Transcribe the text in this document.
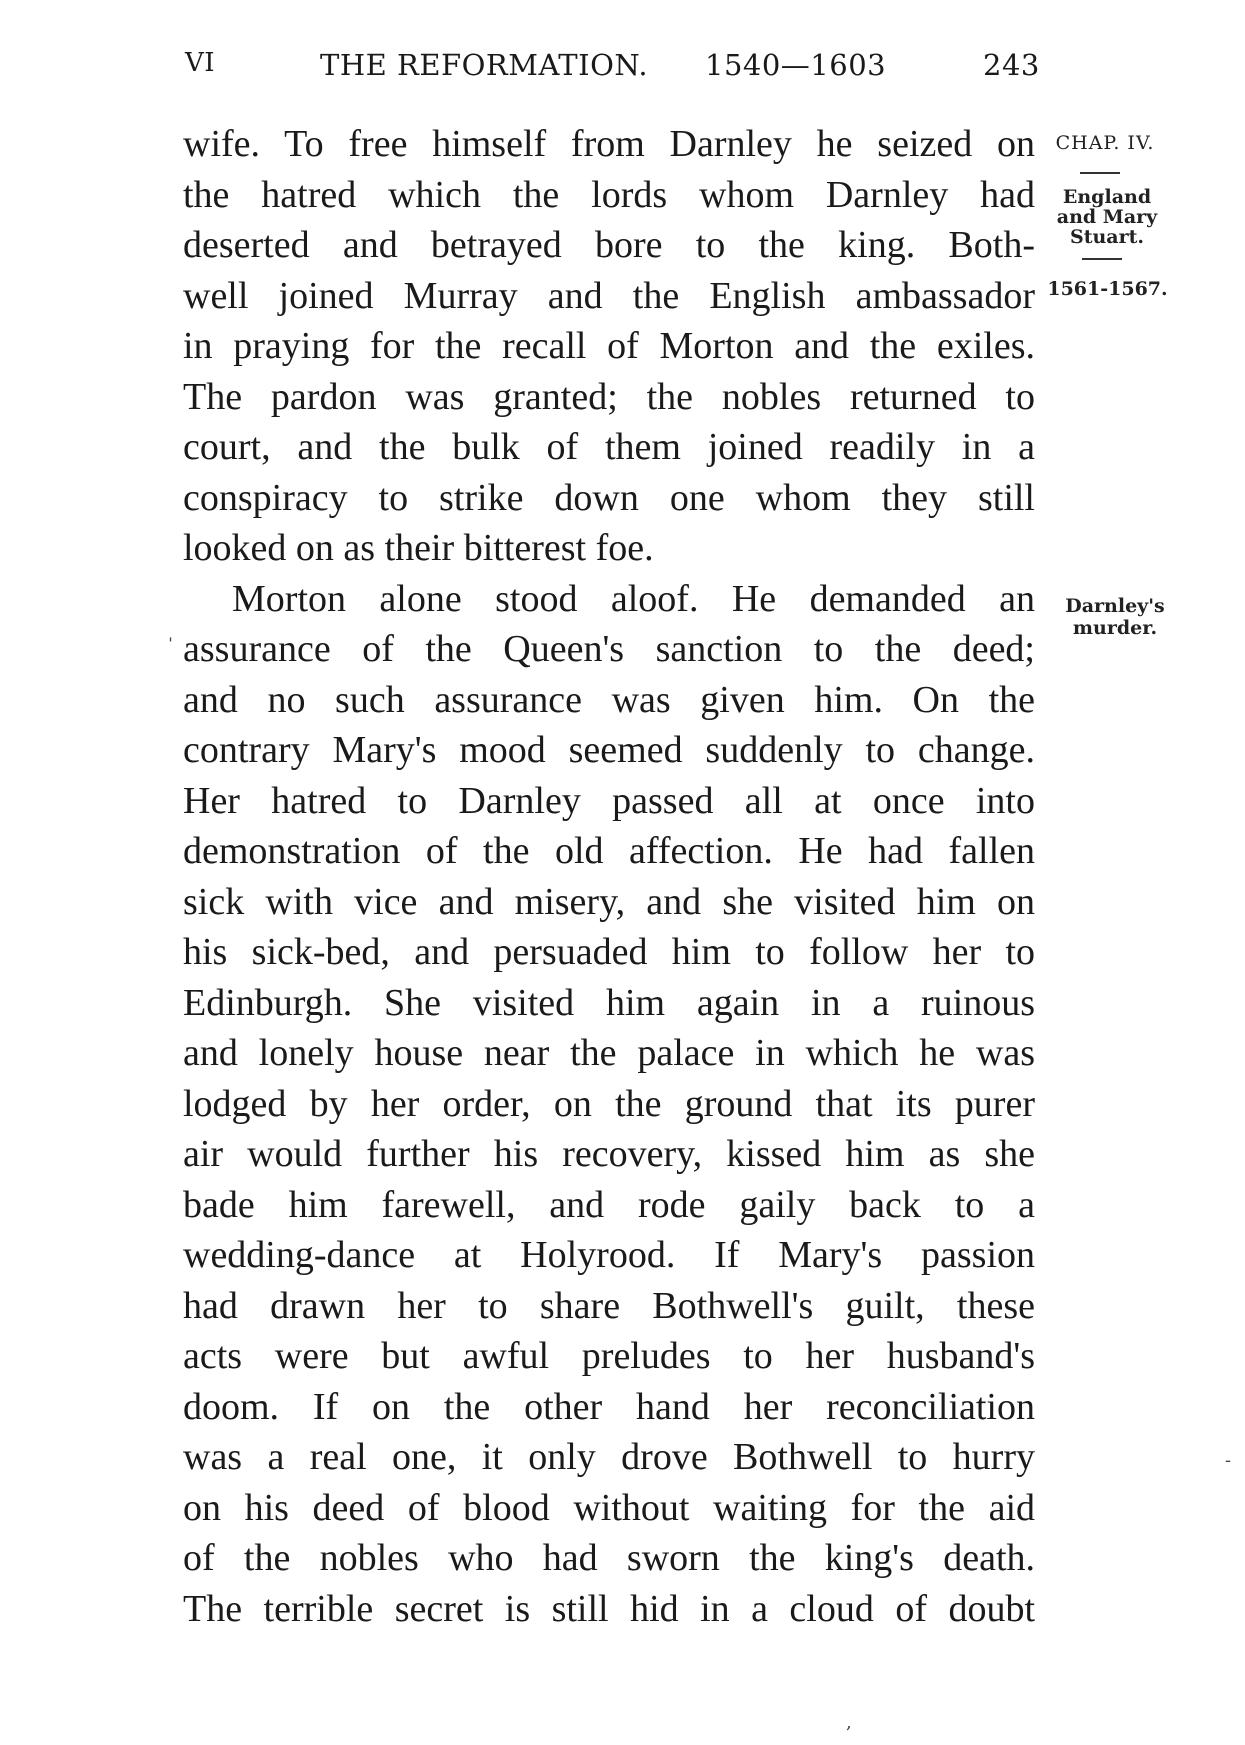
VI	THE REFORMATION. 1540—1603	243
CHAP. IV.
England
and Mary
Stuart.
1561-1567.
Darnley's
murder.
ˈ
-
,
wife. To free himself from Darnley he seized on
the hatred which the lords whom Darnley had
deserted and betrayed bore to the king. Both-
well joined Murray and the English ambassador
in praying for the recall of Morton and the exiles.
The pardon was granted; the nobles returned to
court, and the bulk of them joined readily in a
conspiracy to strike down one whom they still
looked on as their bitterest foe.
Morton alone stood aloof. He demanded an
assurance of the Queen's sanction to the deed;
and no such assurance was given him. On the
contrary Mary's mood seemed suddenly to change.
Her hatred to Darnley passed all at once into
demonstration of the old affection. He had fallen
sick with vice and misery, and she visited him on
his sick-bed, and persuaded him to follow her to
Edinburgh. She visited him again in a ruinous
and lonely house near the palace in which he was
lodged by her order, on the ground that its purer
air would further his recovery, kissed him as she
bade him farewell, and rode gaily back to a
wedding-dance at Holyrood. If Mary's passion
had drawn her to share Bothwell's guilt, these
acts were but awful preludes to her husband's
doom. If on the other hand her reconciliation
was a real one, it only drove Bothwell to hurry
on his deed of blood without waiting for the aid
of the nobles who had sworn the king's death.
The terrible secret is still hid in a cloud of doubt
